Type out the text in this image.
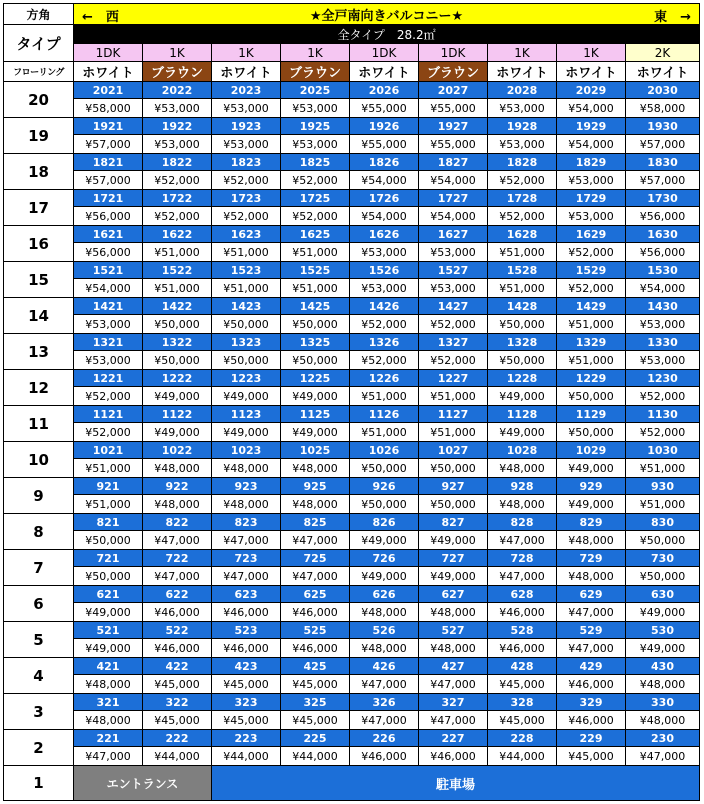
方角	←　西 ★全戸南向きバルコニー★ 東　→								

タイプ	全タイプ　28.2㎡								
	1DK	1K	1K	1K	1DK	1DK	1K	1K	2K
フローリング	ホワイト	ブラウン	ホワイト	ブラウン	ホワイト	ブラウン	ホワイト	ホワイト	ホワイト
20	2021	2022	2023	2025	2026	2027	2028	2029	2030
	¥58,000	¥53,000	¥53,000	¥53,000	¥55,000	¥55,000	¥53,000	¥54,000	¥58,000
19	1921	1922	1923	1925	1926	1927	1928	1929	1930
	¥57,000	¥53,000	¥53,000	¥53,000	¥55,000	¥55,000	¥53,000	¥54,000	¥57,000
18	1821	1822	1823	1825	1826	1827	1828	1829	1830
	¥57,000	¥52,000	¥52,000	¥52,000	¥54,000	¥54,000	¥52,000	¥53,000	¥57,000
17	1721	1722	1723	1725	1726	1727	1728	1729	1730
	¥56,000	¥52,000	¥52,000	¥52,000	¥54,000	¥54,000	¥52,000	¥53,000	¥56,000
16	1621	1622	1623	1625	1626	1627	1628	1629	1630
	¥56,000	¥51,000	¥51,000	¥51,000	¥53,000	¥53,000	¥51,000	¥52,000	¥56,000
15	1521	1522	1523	1525	1526	1527	1528	1529	1530
	¥54,000	¥51,000	¥51,000	¥51,000	¥53,000	¥53,000	¥51,000	¥52,000	¥54,000
14	1421	1422	1423	1425	1426	1427	1428	1429	1430
	¥53,000	¥50,000	¥50,000	¥50,000	¥52,000	¥52,000	¥50,000	¥51,000	¥53,000
13	1321	1322	1323	1325	1326	1327	1328	1329	1330
	¥53,000	¥50,000	¥50,000	¥50,000	¥52,000	¥52,000	¥50,000	¥51,000	¥53,000
12	1221	1222	1223	1225	1226	1227	1228	1229	1230
	¥52,000	¥49,000	¥49,000	¥49,000	¥51,000	¥51,000	¥49,000	¥50,000	¥52,000
11	1121	1122	1123	1125	1126	1127	1128	1129	1130
	¥52,000	¥49,000	¥49,000	¥49,000	¥51,000	¥51,000	¥49,000	¥50,000	¥52,000
10	1021	1022	1023	1025	1026	1027	1028	1029	1030
	¥51,000	¥48,000	¥48,000	¥48,000	¥50,000	¥50,000	¥48,000	¥49,000	¥51,000
9	921	922	923	925	926	927	928	929	930
	¥51,000	¥48,000	¥48,000	¥48,000	¥50,000	¥50,000	¥48,000	¥49,000	¥51,000
8	821	822	823	825	826	827	828	829	830
	¥50,000	¥47,000	¥47,000	¥47,000	¥49,000	¥49,000	¥47,000	¥48,000	¥50,000
7	721	722	723	725	726	727	728	729	730
	¥50,000	¥47,000	¥47,000	¥47,000	¥49,000	¥49,000	¥47,000	¥48,000	¥50,000
6	621	622	623	625	626	627	628	629	630
	¥49,000	¥46,000	¥46,000	¥46,000	¥48,000	¥48,000	¥46,000	¥47,000	¥49,000
5	521	522	523	525	526	527	528	529	530
	¥49,000	¥46,000	¥46,000	¥46,000	¥48,000	¥48,000	¥46,000	¥47,000	¥49,000
4	421	422	423	425	426	427	428	429	430
	¥48,000	¥45,000	¥45,000	¥45,000	¥47,000	¥47,000	¥45,000	¥46,000	¥48,000
3	321	322	323	325	326	327	328	329	330
	¥48,000	¥45,000	¥45,000	¥45,000	¥47,000	¥47,000	¥45,000	¥46,000	¥48,000
2	221	222	223	225	226	227	228	229	230
	¥47,000	¥44,000	¥44,000	¥44,000	¥46,000	¥46,000	¥44,000	¥45,000	¥47,000
1	エントランス		駐車場						
